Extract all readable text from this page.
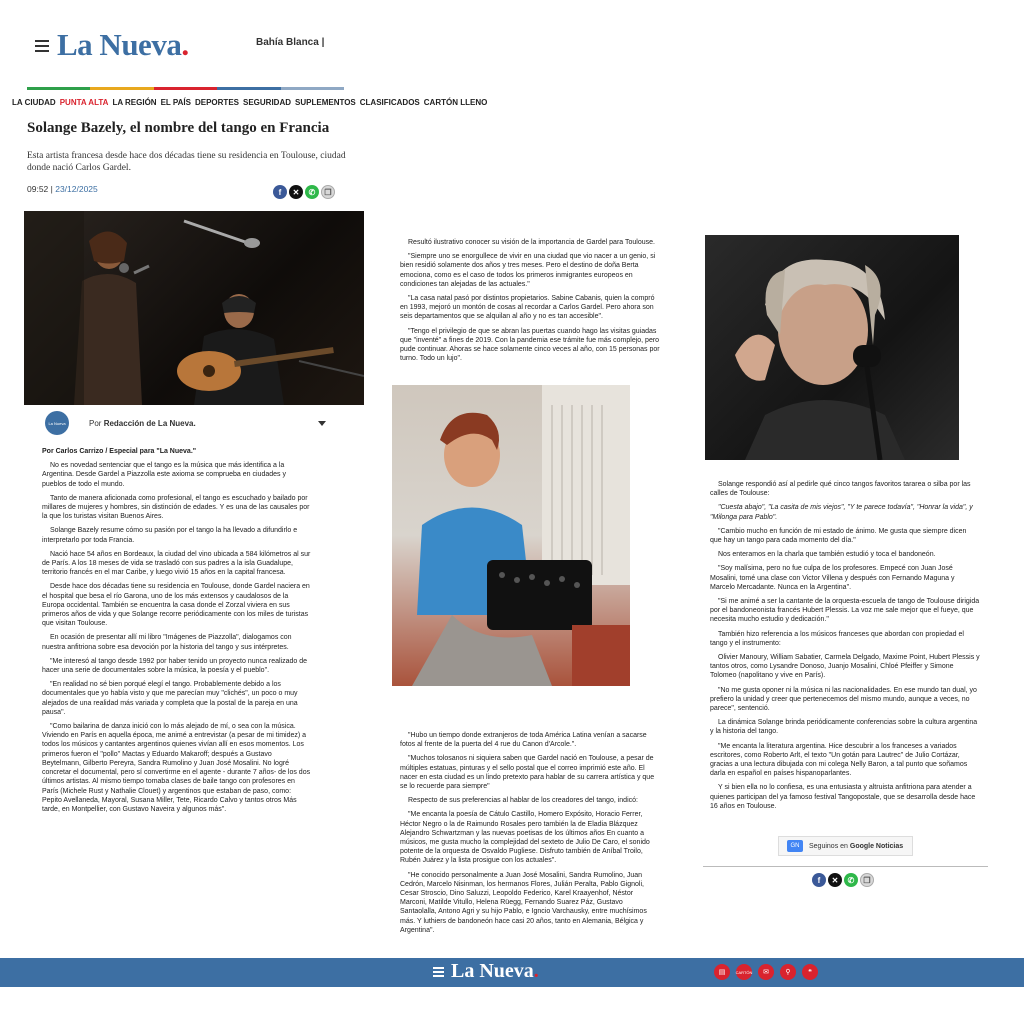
La Nueva.	Bahía Blanca |
LA CIUDAD PUNTA ALTA LA REGIÓN EL PAÍS DEPORTES SEGURIDAD SUPLEMENTOS CLASIFICADOS CARTÓN LLENO
Solange Bazely, el nombre del tango en Francia

Esta artista francesa desde hace dos décadas tiene su residencia en Toulouse, ciudad donde nació Carlos Gardel.

09:52 | 23/12/2025	f	✕	✆	❐
La Nueva	Por Redacción de La Nueva.

Por Carlos Carrizo / Especial para "La Nueva."

No es novedad sentenciar que el tango es la música que más identifica a la Argentina. Desde Gardel a Piazzolla este axioma se comprueba en ciudades y pueblos de todo el mundo.

Tanto de manera aficionada como profesional, el tango es escuchado y bailado por millares de mujeres y hombres, sin distinción de edades. Y es una de las causales por la que los turistas visitan Buenos Aires.

Solange Bazely resume cómo su pasión por el tango la ha llevado a difundirlo e interpretarlo por toda Francia.

Nació hace 54 años en Bordeaux, la ciudad del vino ubicada a 584 kilómetros al sur de París. A los 18 meses de vida se trasladó con sus padres a la isla Guadalupe, territorio francés en el mar Caribe, y luego vivió 15 años en la capital francesa.

Desde hace dos décadas tiene su residencia en Toulouse, donde Gardel naciera en el hospital que besa el río Garona, uno de los más extensos y caudalosos de la Europa occidental. También se encuentra la casa donde el Zorzal viviera en sus primeros años de vida y que Solange recorre periódicamente con los miles de turistas que visitan Toulouse.

En ocasión de presentar allí mi libro "Imágenes de Piazzolla", dialogamos con nuestra anfitriona sobre esa devoción por la historia del tango y sus intérpretes.

"Me interesó al tango desde 1992 por haber tenido un proyecto nunca realizado de hacer una serie de documentales sobre la música, la poesía y el pueblo".

"En realidad no sé bien porqué elegí el tango. Probablemente debido a los documentales que yo había visto y que me parecían muy "clichés", un poco o muy alejados de una realidad más variada y completa que la postal de la pareja en una pausa".

"Como bailarina de danza inició con lo más alejado de mí, o sea con la música. Viviendo en París en aquella época, me animé a entrevistar (a pesar de mi timidez) a todos los músicos y cantantes argentinos quienes vivían allí en esos momentos. Los primeros fueron el "pollo" Mactas y Eduardo Makaroff; después a Gustavo Beytelmann, Gilberto Pereyra, Sandra Rumolino y Juan José Mosalini. No logré concretar el documental, pero sí convertirme en el agente - durante 7 años- de los dos últimos artistas. Al mismo tiempo tomaba clases de baile tango con profesores en París (Michele Rust y Nathalie Clouet) y argentinos que estaban de paso, como: Pepito Avellaneda, Mayoral, Susana Miller, Tete, Ricardo Calvo y tantos otros Más tarde, en Montpellier, con Gustavo Naveira y algunos más".

Resultó ilustrativo conocer su visión de la importancia de Gardel para Toulouse.

"Siempre uno se enorgullece de vivir en una ciudad que vio nacer a un genio, si bien residió solamente dos años y tres meses. Pero el destino de doña Berta emociona, como es el caso de todos los primeros inmigrantes europeos en condiciones tan alejadas de las actuales."

"La casa natal pasó por distintos propietarios. Sabine Cabanis, quien la compró en 1993, mejoró un montón de cosas al recordar a Carlos Gardel. Pero ahora son seis departamentos que se alquilan al año y no es tan accesible".

"Tengo el privilegio de que se abran las puertas cuando hago las visitas guiadas que "inventé" a fines de 2019. Con la pandemia ese trámite fue más complejo, pero pude continuar. Ahoras se hace solamente cinco veces al año, con 15 personas por turno. Todo un lujo".

"Hubo un tiempo donde extranjeros de toda América Latina venían a sacarse fotos al frente de la puerta del 4 rue du Canon d'Arcole.".

"Muchos tolosanos ni siquiera saben que Gardel nació en Toulouse, a pesar de múltiples estatuas, pinturas y el sello postal que el correo imprimió este año. El nacer en esta ciudad es un lindo pretexto para hablar de su carrera artística y que se lo recuerde para siempre"

Respecto de sus preferencias al hablar de los creadores del tango, indicó:

"Me encanta la poesía de Cátulo Castillo, Homero Expósito, Horacio Ferrer, Héctor Negro o la de Raimundo Rosales pero también la de Eladia Blázquez Alejandro Schwartzman y las nuevas poetisas de los últimos años En cuanto a músicos, me gusta mucho la complejidad del sexteto de Julio De Caro, el sonido potente de la orquesta de Osvaldo Pugliese. Disfruto también de Aníbal Troilo, Rubén Juárez y la lista prosigue con los actuales".

"He conocido personalmente a Juan José Mosalini, Sandra Rumolino, Juan Cedrón, Marcelo Nisinman, los hermanos Flores, Julián Peralta, Pablo Gignoli, Cesar Stroscio, Dino Saluzzi, Leopoldo Federico, Karel Kraayenhof, Néstor Marconi, Matilde Vitullo, Helena Rüegg, Fernando Suarez Páz, Gustavo Santaolalla, Antono Agri y su hijo Pablo, e Igncio Varchausky, entre muchísimos más. Y luthiers de bandoneón hace casi 20 años, tanto en Alemania, Bélgica y Argentina".

Solange respondió así al pedirle qué cinco tangos favoritos tararea o silba por las calles de Toulouse:

"Cuesta abajo", "La casita de mis viejos", "Y te parece todavía", "Honrar la vida", y "Milonga para Pablo".

"Cambio mucho en función de mi estado de ánimo. Me gusta que siempre dicen que hay un tango para cada momento del día."

Nos enteramos en la charla que también estudió y toca el bandoneón.

"Soy malísima, pero no fue culpa de los profesores. Empecé con Juan José Mosalini, tomé una clase con Victor Villena y después con Fernando Maguna y Marcelo Mercadante. Nunca en la Argentina".

"Si me animé a ser la cantante de la orquesta-escuela de tango de Toulouse dirigida por el bandoneonista francés Hubert Plessis. La voz me sale mejor que el fueye, que necesita mucho estudio y dedicación."

También hizo referencia a los músicos franceses que abordan con propiedad el tango y el instrumento:

Olivier Manoury, William Sabatier, Carmela Delgado, Maxime Point, Hubert Plessis y tantos otros, como Lysandre Donoso, Juanjo Mosalini, Chloé Pfeiffer y Simone Tolomeo (napolitano y vive en París).

"No me gusta oponer ni la música ni las nacionalidades. En ese mundo tan dual, yo prefiero la unidad y creer que pertenecemos del mismo mundo, aunque a veces, no parece", sentenció.

La dinámica Solange brinda periódicamente conferencias sobre la cultura argentina y la historia del tango.

"Me encanta la literatura argentina. Hice descubrir a los franceses a variados escritores, como Roberto Arlt, el texto "Un gotán para Lautrec" de Julio Cortázar, gracias a una lectura dibujada con mi colega Nelly Baron, a tal punto que soñamos darla en español en países hispanoparlantes.

Y si bien ella no lo confiesa, es una entusiasta y altruista anfitriona para atender a quienes participan del ya famoso festival Tangopostale, que se desarrolla desde hace 16 años en Toulouse.

GN	Seguinos en Google Noticias
f	✕	✆	❐
La Nueva.	▤	CARTÓN	✉	⚲	❝
